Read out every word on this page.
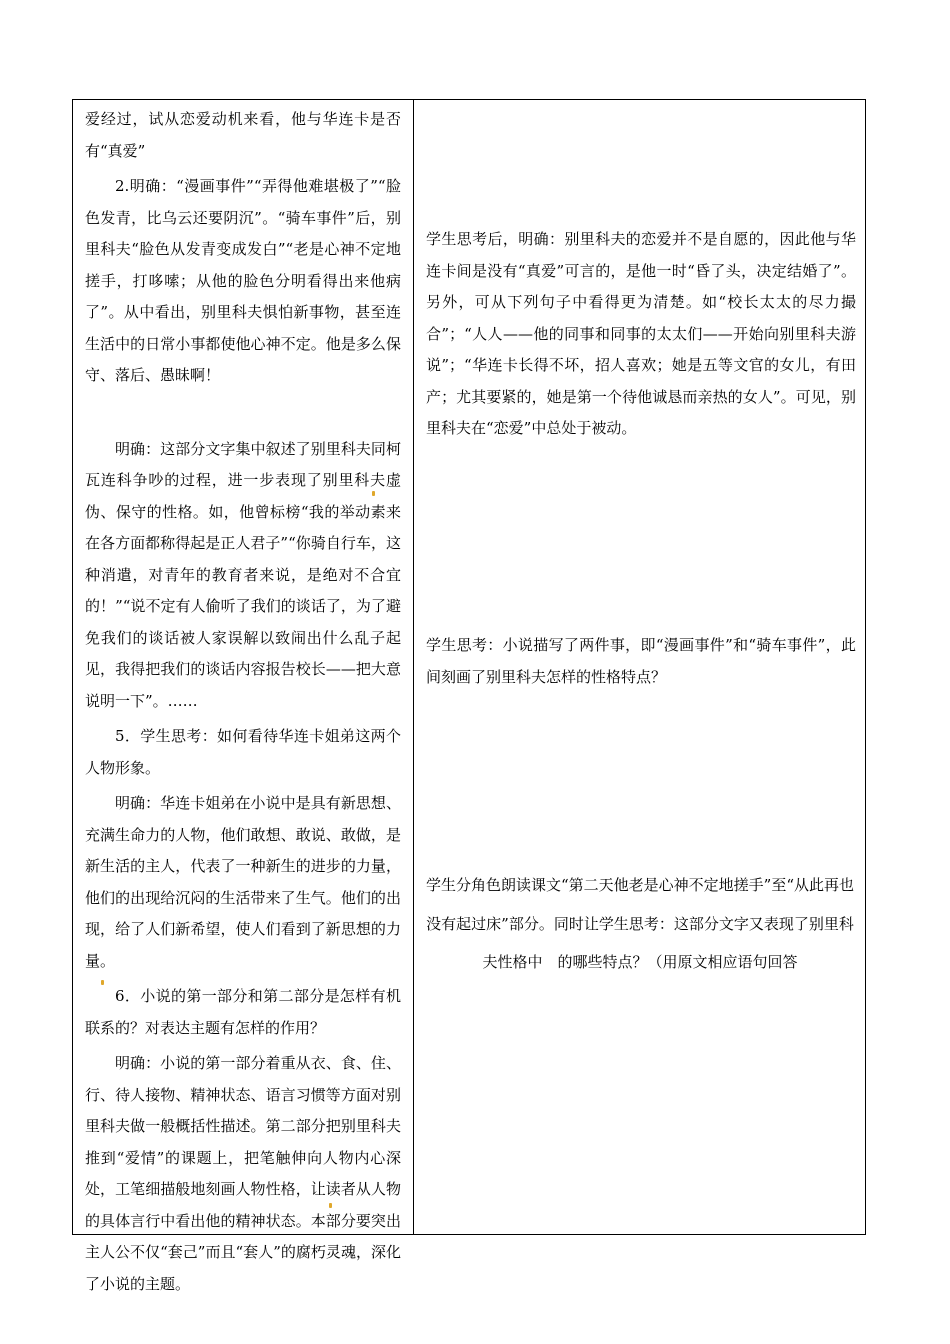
爱经过，试从恋爱动机来看，他与华连卡是否有“真爱”

2.明确：“漫画事件”“弄得他难堪极了”“脸色发青，比乌云还要阴沉”。“骑车事件”后，别里科夫“脸色从发青变成发白”“老是心神不定地搓手，打哆嗦；从他的脸色分明看得出来他病了”。从中看出，别里科夫惧怕新事物，甚至连生活中的日常小事都使他心神不定。他是多么保守、落后、愚昧啊！

明确：这部分文字集中叙述了别里科夫同柯瓦连科争吵的过程，进一步表现了别里科夫虚伪、保守的性格。如，他曾标榜“我的举动素来在各方面都称得起是正人君子”“你骑自行车，这种消遣，对青年的教育者来说，是绝对不合宜的！”“说不定有人偷听了我们的谈话了，为了避免我们的谈话被人家误解以致闹出什么乱子起见，我得把我们的谈话内容报告校长——把大意说明一下”。……

5．学生思考：如何看待华连卡姐弟这两个人物形象。

明确：华连卡姐弟在小说中是具有新思想、充满生命力的人物，他们敢想、敢说、敢做，是新生活的主人，代表了一种新生的进步的力量，他们的出现给沉闷的生活带来了生气。他们的出现，给了人们新希望，使人们看到了新思想的力量。

6．小说的第一部分和第二部分是怎样有机联系的？对表达主题有怎样的作用？

明确：小说的第一部分着重从衣、食、住、行、待人接物、精神状态、语言习惯等方面对别里科夫做一般概括性描述。第二部分把别里科夫推到“爱情”的课题上，把笔触伸向人物内心深处，工笔细描般地刻画人物性格，让读者从人物的具体言行中看出他的精神状态。本部分要突出主人公不仅“套己”而且“套人”的腐朽灵魂，深化了小说的主题。

学生思考后，明确：别里科夫的恋爱并不是自愿的，因此他与华连卡间是没有“真爱”可言的，是他一时“昏了头，决定结婚了”。另外，可从下列句子中看得更为清楚。如“校长太太的尽力撮合”；“人人——他的同事和同事的太太们——开始向别里科夫游说”；“华连卡长得不坏，招人喜欢；她是五等文官的女儿，有田产；尤其要紧的，她是第一个待他诚恳而亲热的女人”。可见，别里科夫在“恋爱”中总处于被动。

学生思考：小说描写了两件事，即“漫画事件”和“骑车事件”，此间刻画了别里科夫怎样的性格特点？

学生分角色朗读课文“第二天他老是心神不定地搓手”至“从此再也没有起过床”部分。同时让学生思考：这部分文字又表现了别里科夫性格中　的哪些特点？（用原文相应语句回答
